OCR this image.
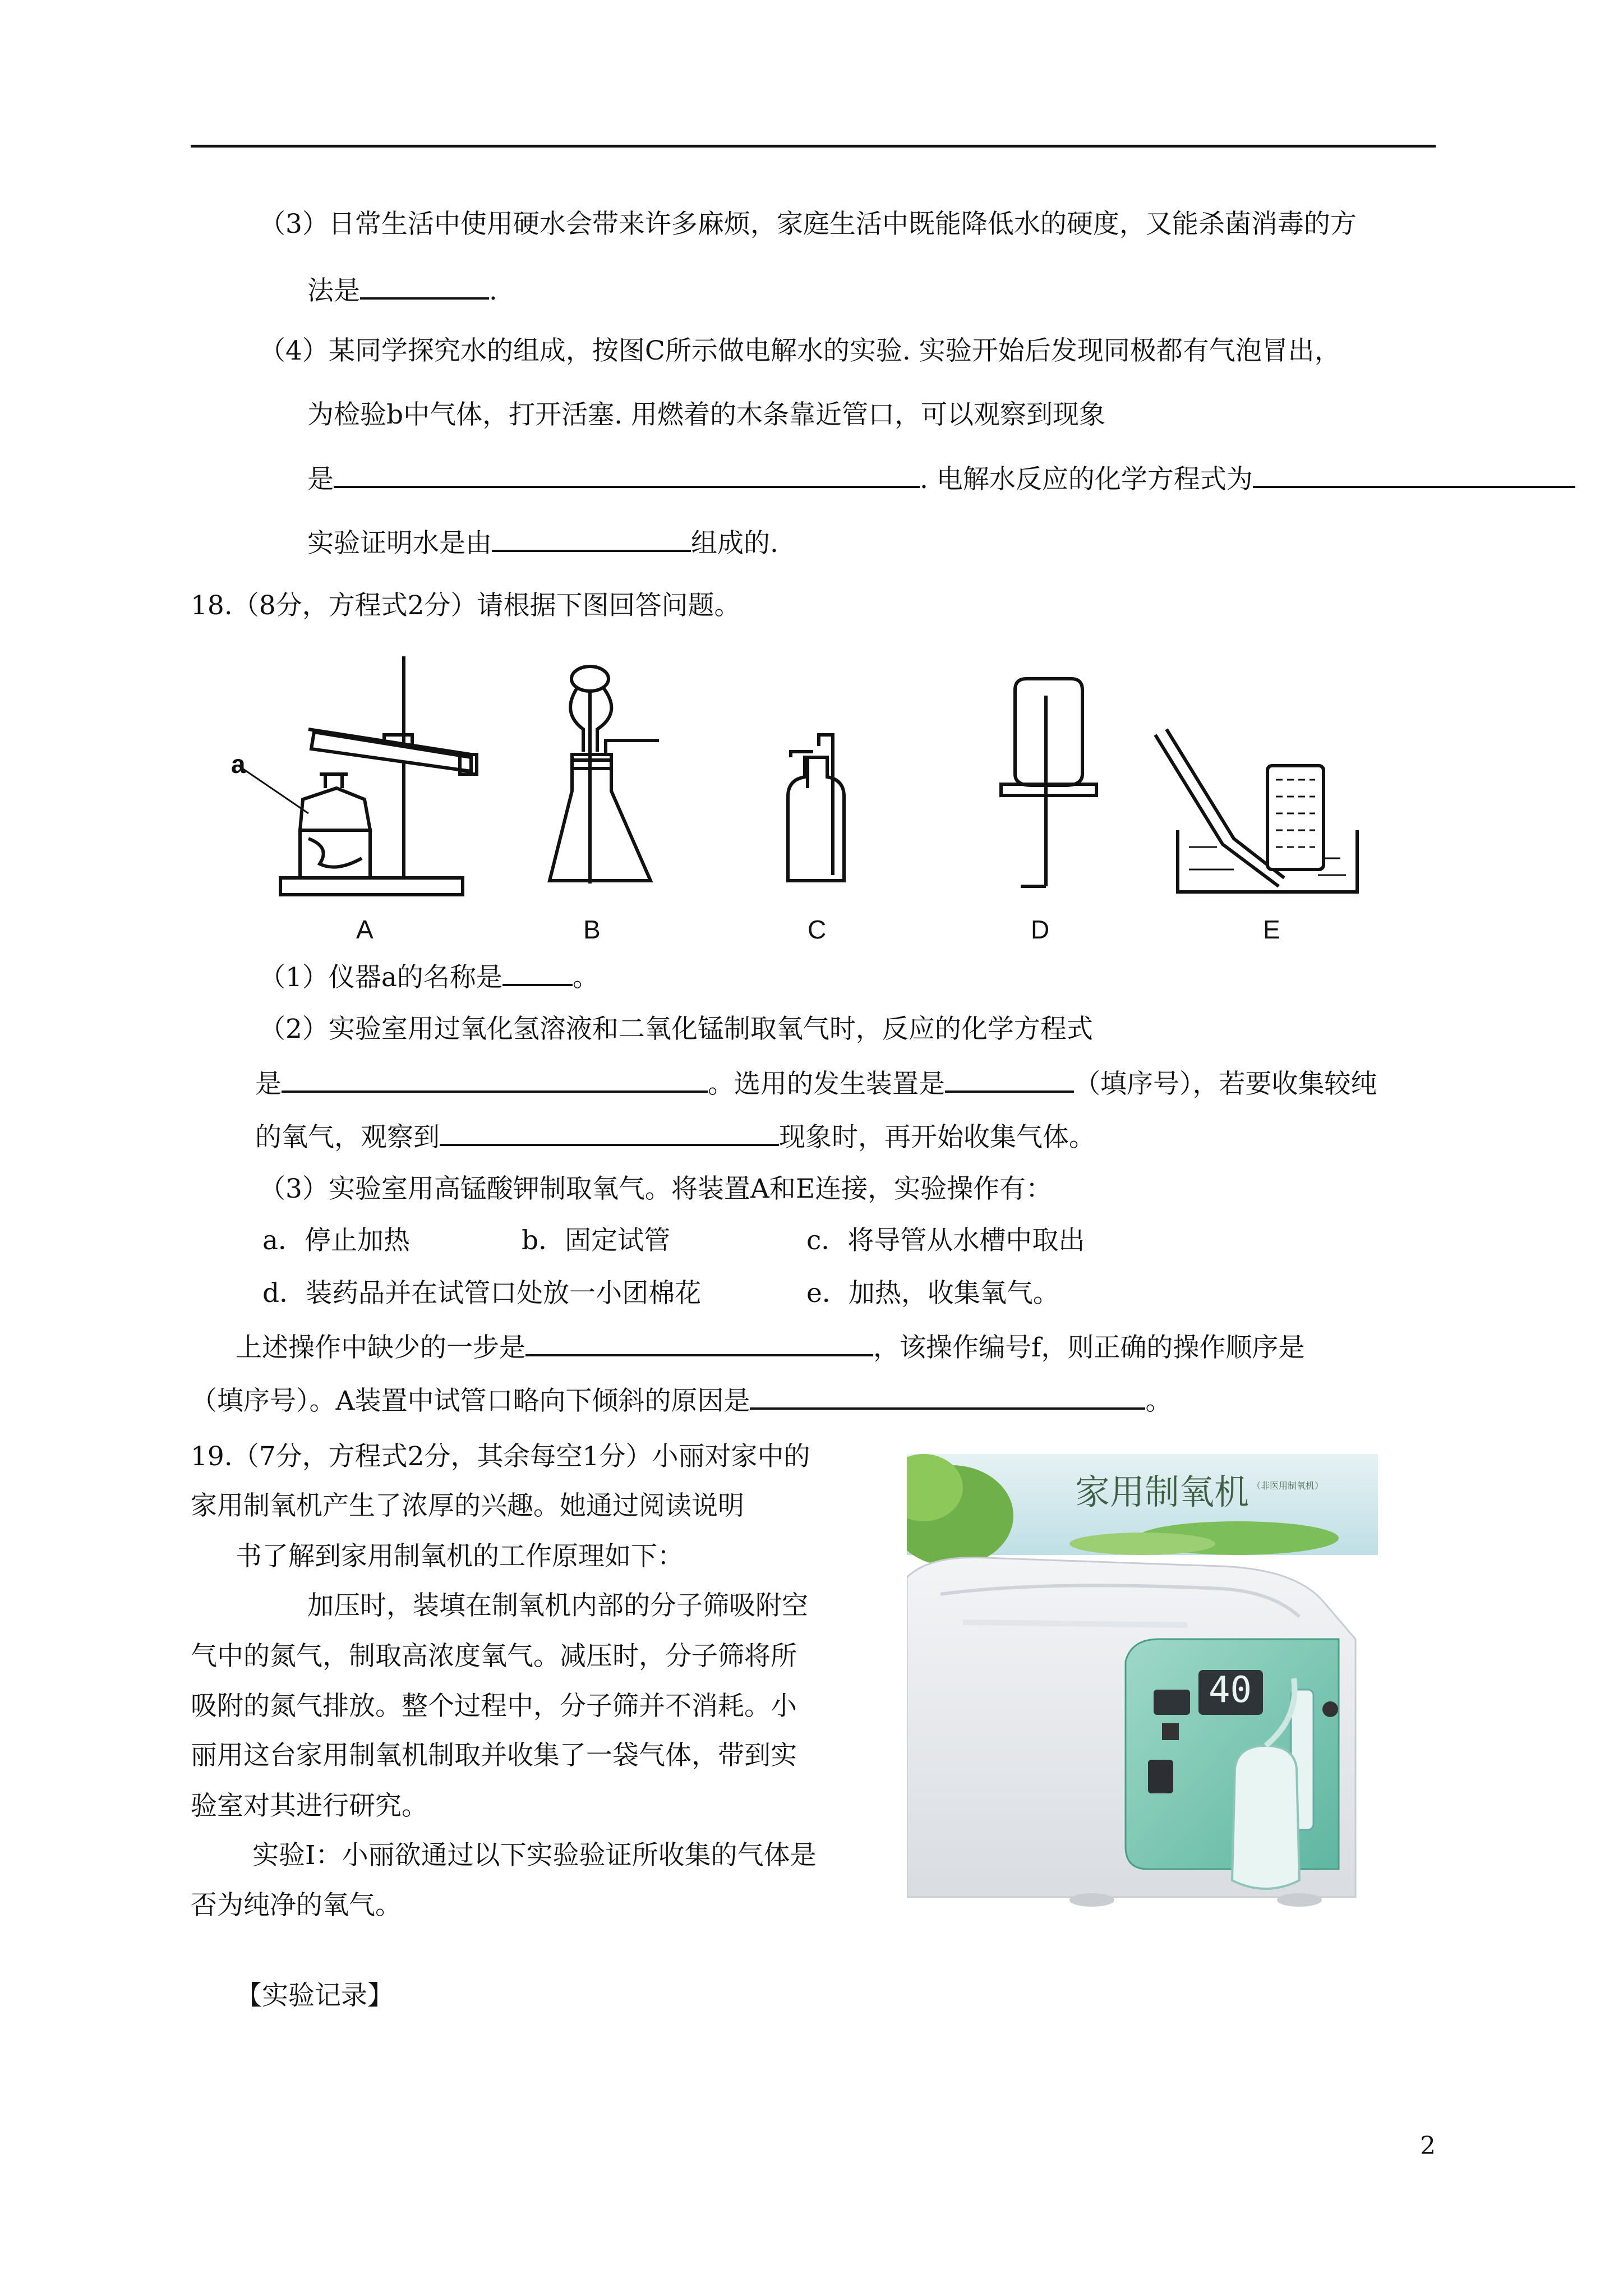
（3）日常生活中使用硬水会带来许多麻烦，家庭生活中既能降低水的硬度，又能杀菌消毒的方
法是	.
（4）某同学探究水的组成，按图C所示做电解水的实验. 实验开始后发现同极都有气泡冒出，
为检验b中气体，打开活塞. 用燃着的木条靠近管口，可以观察到现象
是	. 电解水反应的化学方程式为
实验证明水是由	组成的.
18.（8分，方程式2分）请根据下图回答问题。
a
A	B	C	D	E
（1）仪器a的名称是	。
（2）实验室用过氧化氢溶液和二氧化锰制取氧气时，反应的化学方程式
是	。选用的发生装置是	（填序号），若要收集较纯
的氧气，观察到	现象时，再开始收集气体。
（3）实验室用高锰酸钾制取氧气。将装置A和E连接，实验操作有：
a．停止加热	b．固定试管	c．将导管从水槽中取出
d．装药品并在试管口处放一小团棉花	e．加热，收集氧气。
上述操作中缺少的一步是	，该操作编号f，则正确的操作顺序是
（填序号）。A装置中试管口略向下倾斜的原因是	。
19.（7分，方程式2分，其余每空1分）小丽对家中的
家用制氧机产生了浓厚的兴趣。她通过阅读说明
书了解到家用制氧机的工作原理如下：
加压时，装填在制氧机内部的分子筛吸附空
气中的氮气，制取高浓度氧气。减压时，分子筛将所
吸附的氮气排放。整个过程中，分子筛并不消耗。小
丽用这台家用制氧机制取并收集了一袋气体，带到实
验室对其进行研究。
实验Ⅰ：小丽欲通过以下实验验证所收集的气体是
否为纯净的氧气。
【实验记录】
家用制氧机 （非医用制氧机）
40
2
